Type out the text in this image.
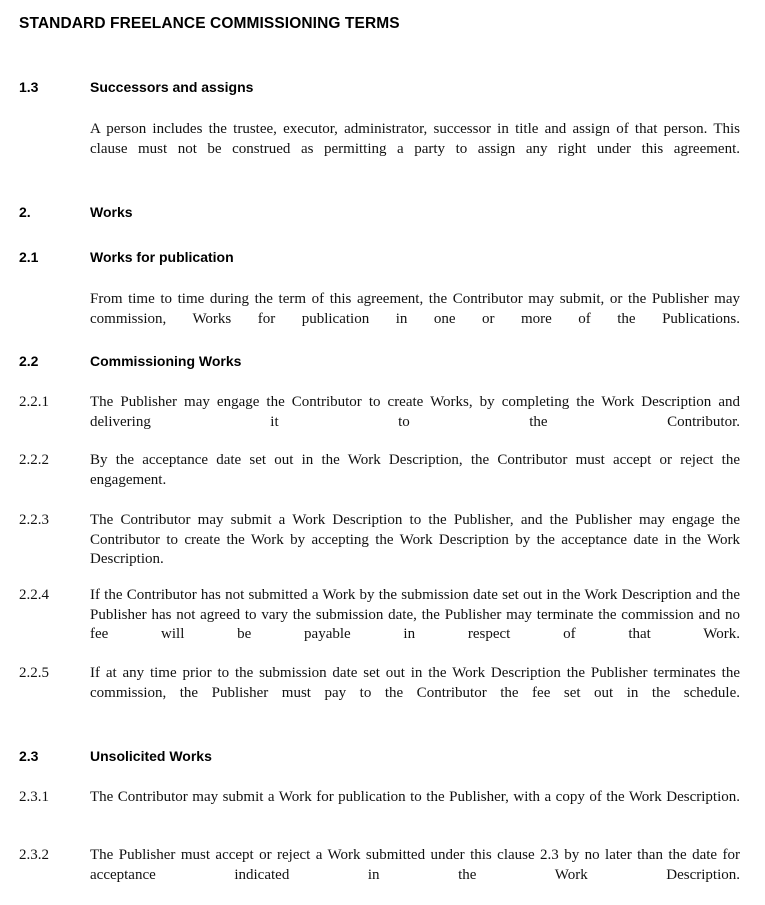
STANDARD FREELANCE COMMISSIONING TERMS
1.3	Successors and assigns
A person includes the trustee, executor, administrator, successor in title and assign of that person. This clause must not be construed as permitting a party to assign any right under this agreement.
2.	Works
2.1	Works for publication
From time to time during the term of this agreement, the Contributor may submit, or the Publisher may commission, Works for publication in one or more of the Publications.
2.2	Commissioning Works
2.2.1	The Publisher may engage the Contributor to create Works, by completing the Work Description and delivering it to the Contributor.
2.2.2	By the acceptance date set out in the Work Description, the Contributor must accept or reject the engagement.
2.2.3	The Contributor may submit a Work Description to the Publisher, and the Publisher may engage the Contributor to create the Work by accepting the Work Description by the acceptance date in the Work Description.
2.2.4	If the Contributor has not submitted a Work by the submission date set out in the Work Description and the Publisher has not agreed to vary the submission date, the Publisher may terminate the commission and no fee will be payable in respect of that Work.
2.2.5	If at any time prior to the submission date set out in the Work Description the Publisher terminates the commission, the Publisher must pay to the Contributor the fee set out in the schedule.
2.3	Unsolicited Works
2.3.1	The Contributor may submit a Work for publication to the Publisher, with a copy of the Work Description.
2.3.2	The Publisher must accept or reject a Work submitted under this clause 2.3 by no later than the date for acceptance indicated in the Work Description.
